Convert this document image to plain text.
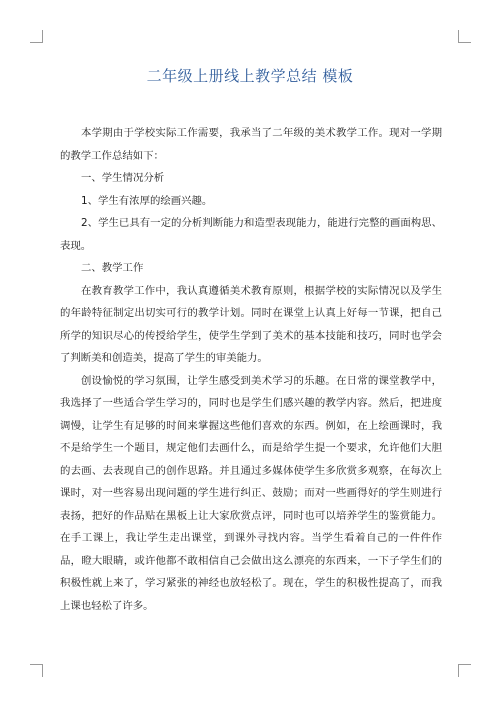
二年级上册线上教学总结 模板

本学期由于学校实际工作需要，我承当了二年级的美术教学工作。现对一学期的教学工作总结如下：

一、学生情况分析

1、学生有浓厚的绘画兴趣。

2、学生已具有一定的分析判断能力和造型表现能力，能进行完整的画面构思、表现。

二、教学工作

在教育教学工作中，我认真遵循美术教育原则，根据学校的实际情况以及学生的年龄特征制定出切实可行的教学计划。同时在课堂上认真上好每一节课，把自己所学的知识尽心的传授给学生，使学生学到了美术的基本技能和技巧，同时也学会了判断美和创造美，提高了学生的审美能力。

创设愉悦的学习氛围，让学生感受到美术学习的乐趣。在日常的课堂教学中，我选择了一些适合学生学习的，同时也是学生们感兴趣的教学内容。然后，把进度调慢，让学生有足够的时间来掌握这些他们喜欢的东西。例如，在上绘画课时，我不是给学生一个题目，规定他们去画什么，而是给学生提一个要求，允许他们大胆的去画、去表现自己的创作思路。并且通过多媒体使学生多欣赏多观察，在每次上课时，对一些容易出现问题的学生进行纠正、鼓励；而对一些画得好的学生则进行表扬，把好的作品贴在黑板上让大家欣赏点评，同时也可以培养学生的鉴赏能力。在手工课上，我让学生走出课堂，到课外寻找内容。当学生看着自己的一件件作品，瞪大眼睛，或许他都不敢相信自己会做出这么漂亮的东西来，一下子学生们的积极性就上来了，学习紧张的神经也放轻松了。现在，学生的积极性提高了，而我上课也轻松了许多。
